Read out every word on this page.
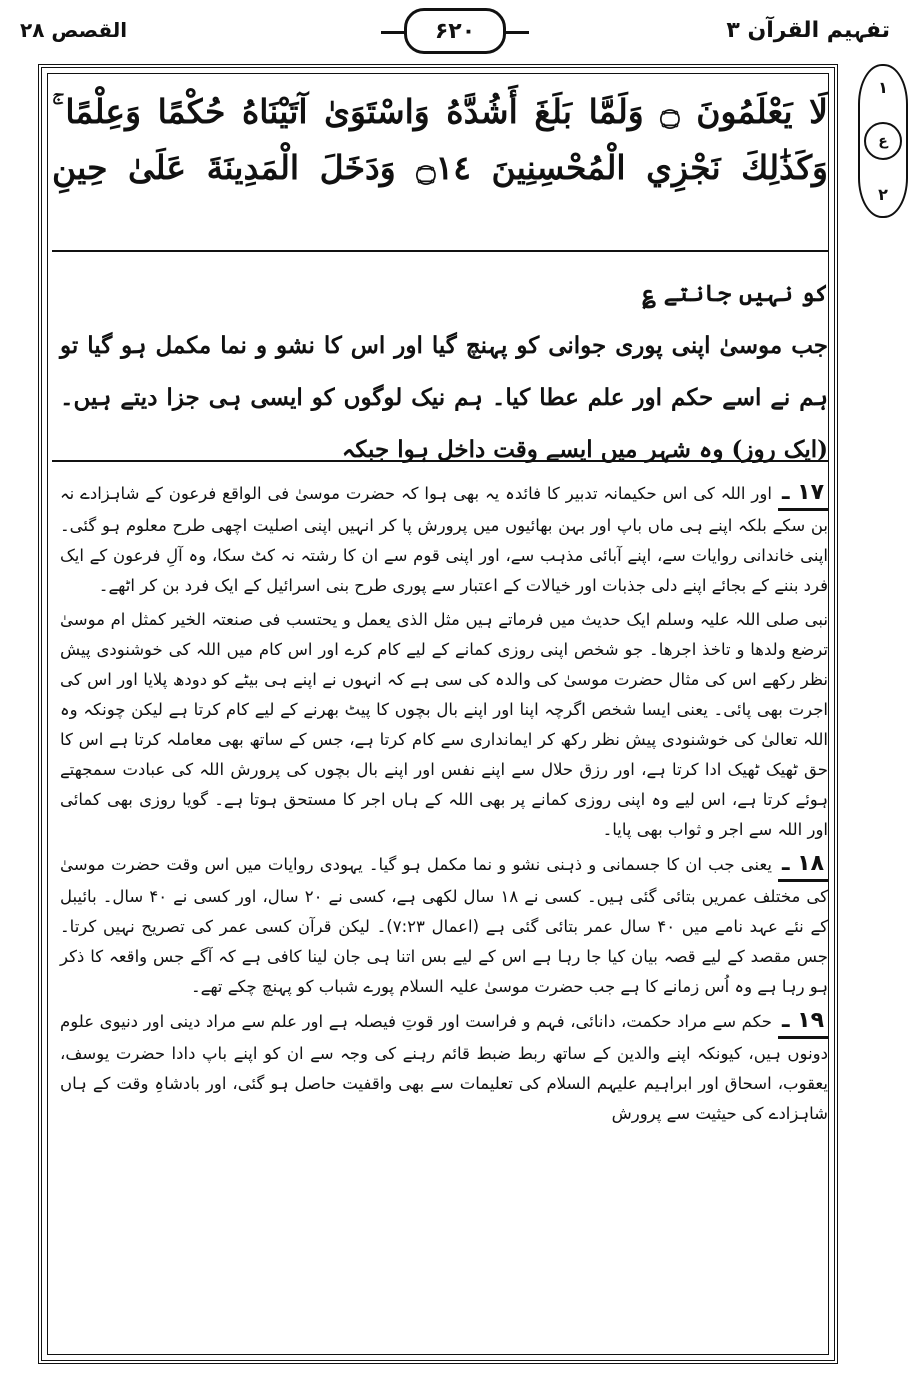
تفہیم القرآن ۳
۶۲۰
القصص ۲۸
۱
ع
۲
لَا يَعْلَمُونَ ۝ وَلَمَّا بَلَغَ أَشُدَّهُ وَاسْتَوَىٰ آتَيْنَاهُ حُكْمًا وَعِلْمًا ۚ وَكَذَٰلِكَ نَجْزِي الْمُحْسِنِينَ ۝١٤ وَدَخَلَ الْمَدِينَةَ عَلَىٰ حِينِ

کو نہیں جانتے ؏

جب موسیٰ اپنی پوری جوانی کو پہنچ گیا اور اس کا نشو و نما مکمل ہو گیا تو ہم نے اسے حکم اور علم عطا کیا۔ ہم نیک لوگوں کو ایسی ہی جزا دیتے ہیں۔ (ایک روز) وہ شہر میں ایسے وقت داخل ہوا جبکہ

۱۷ ـاور اللہ کی اس حکیمانہ تدبیر کا فائدہ یہ بھی ہوا کہ حضرت موسیٰ فی الواقع فرعون کے شاہزادے نہ بن سکے بلکہ اپنے ہی ماں باپ اور بہن بھائیوں میں پرورش پا کر انہیں اپنی اصلیت اچھی طرح معلوم ہو گئی۔ اپنی خاندانی روایات سے، اپنے آبائی مذہب سے، اور اپنی قوم سے ان کا رشتہ نہ کٹ سکا، وہ آلِ فرعون کے ایک فرد بننے کے بجائے اپنے دلی جذبات اور خیالات کے اعتبار سے پوری طرح بنی اسرائیل کے ایک فرد بن کر اٹھے۔

نبی صلی اللہ علیہ وسلم ایک حدیث میں فرماتے ہیں مثل الذی یعمل و یحتسب فی صنعتہ الخیر کمثل ام موسیٰ ترضع ولدھا و تاخذ اجرھا۔ جو شخص اپنی روزی کمانے کے لیے کام کرے اور اس کام میں اللہ کی خوشنودی پیش نظر رکھے اس کی مثال حضرت موسیٰ کی والدہ کی سی ہے کہ انہوں نے اپنے ہی بیٹے کو دودھ پلایا اور اس کی اجرت بھی پائی۔ یعنی ایسا شخص اگرچہ اپنا اور اپنے بال بچوں کا پیٹ بھرنے کے لیے کام کرتا ہے لیکن چونکہ وہ اللہ تعالیٰ کی خوشنودی پیش نظر رکھ کر ایمانداری سے کام کرتا ہے، جس کے ساتھ بھی معاملہ کرتا ہے اس کا حق ٹھیک ٹھیک ادا کرتا ہے، اور رزق حلال سے اپنے نفس اور اپنے بال بچوں کی پرورش اللہ کی عبادت سمجھتے ہوئے کرتا ہے، اس لیے وہ اپنی روزی کمانے پر بھی اللہ کے ہاں اجر کا مستحق ہوتا ہے۔ گویا روزی بھی کمائی اور اللہ سے اجر و ثواب بھی پایا۔

۱۸ ـیعنی جب ان کا جسمانی و ذہنی نشو و نما مکمل ہو گیا۔ یہودی روایات میں اس وقت حضرت موسیٰ کی مختلف عمریں بتائی گئی ہیں۔ کسی نے ۱۸ سال لکھی ہے، کسی نے ۲۰ سال، اور کسی نے ۴۰ سال۔ بائیبل کے نئے عہد نامے میں ۴۰ سال عمر بتائی گئی ہے (اعمال ۷:۲۳)۔ لیکن قرآن کسی عمر کی تصریح نہیں کرتا۔ جس مقصد کے لیے قصہ بیان کیا جا رہا ہے اس کے لیے بس اتنا ہی جان لینا کافی ہے کہ آگے جس واقعہ کا ذکر ہو رہا ہے وہ اُس زمانے کا ہے جب حضرت موسیٰ علیہ السلام پورے شباب کو پہنچ چکے تھے۔

۱۹ ـحکم سے مراد حکمت، دانائی، فہم و فراست اور قوتِ فیصلہ ہے اور علم سے مراد دینی اور دنیوی علوم دونوں ہیں، کیونکہ اپنے والدین کے ساتھ ربط ضبط قائم رہنے کی وجہ سے ان کو اپنے باپ دادا حضرت یوسف، یعقوب، اسحاق اور ابراہیم علیہم السلام کی تعلیمات سے بھی واقفیت حاصل ہو گئی، اور بادشاہِ وقت کے ہاں شاہزادے کی حیثیت سے پرورش
